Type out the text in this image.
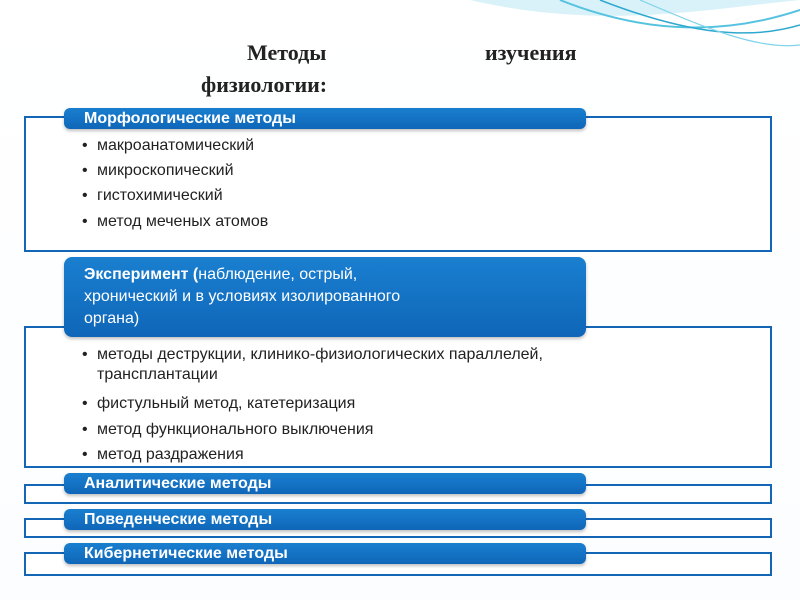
Методы	изучения
физиологии:
Морфологические методы
• макроанатомический
• микроскопический
• гистохимический
• метод меченых атомов
Эксперимент (наблюдение, острый,
хронический и в условиях изолированного
органа)
• методы деструкции, клинико-физиологических параллелей,
трансплантации
• фистульный метод, катетеризация
• метод функционального выключения
• метод раздражения
Аналитические методы
Поведенческие методы
Кибернетические методы
